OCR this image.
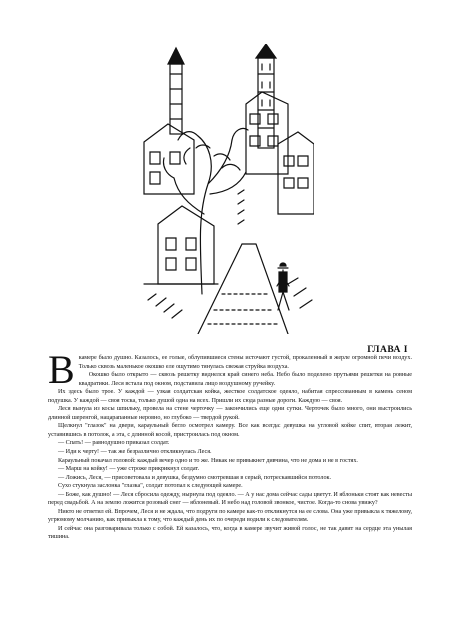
ГЛАВА I

В камере было душно. Казалось, ее голые, облупившиеся стены источают густой, прокаленный в жерле огромной печи воздух. Только сквозь маленькое окошко еле ощутимо тянулась свежая струйка воздуха.

Окошко было открыто — сквозь решетку виднелся край синего неба. Небо было поделено прутьями решетки на ровные квадратики. Леся встала под окном, подставила лицо воздушному ручейку.

Их здесь было трое. У каждой — узкая солдатская койка, жесткое солдатское одеяло, набитая спрессованным в камень сеном подушка. У каждой — своя тоска, только душой одна на всех. Пришли их сюда разные дороги. Каждую — своя.

Леся вынула из косы шпильку, провела на стене черточку — закончились еще одни сутки. Черточек было много, они выстроились длинной шеренгой, нацарапанные неровно, но глубоко — твердой рукой.

Щелкнул "глазок" на двери, караульный бегло осмотрел камеру. Все как всегда: девушка на угловой койке спит, вторая лежит, уставившись в потолок, а эта, с длинной косой, пристроилась под окном.

— Спать! — равнодушно приказал солдат.

— Иди к черту! — так же безразлично откликнулась Леся.

Караульный покачал головой: каждый вечер одно и то же. Никак не привыкнет дивчина, что не дома и не в гостях.

— Марш на койку! — уже строже прикрикнул солдат.

— Ложись, Леся, — присоветовала и девушка, бездумно смотревшая в серый, потрескавшийся потолок.

Сухо стукнула заслонка "глазка", солдат потопал к следующей камере.

— Боже, как душно! — Леся сбросила одежду, нырнула под одеяло. — А у нас дома сейчас сады цветут. И яблоньки стоят как невесты перед свадьбой. А на землю ложится розовый снег — яблоневый. И небо над головой звонкое, чистое. Когда-то снова увижу?

Никто не ответил ей. Впрочем, Леся и не ждала, что подруги по камере как-то откликнутся на ее слова. Она уже привыкла к тяжелому, угрюмому молчанию, как привыкла к тому, что каждый день их по очереди водили к следователям.

И сейчас она разговаривала только с собой. Ей казалось, что, когда в камере звучит живой голос, не так давит на сердце эта унылая тишина.
